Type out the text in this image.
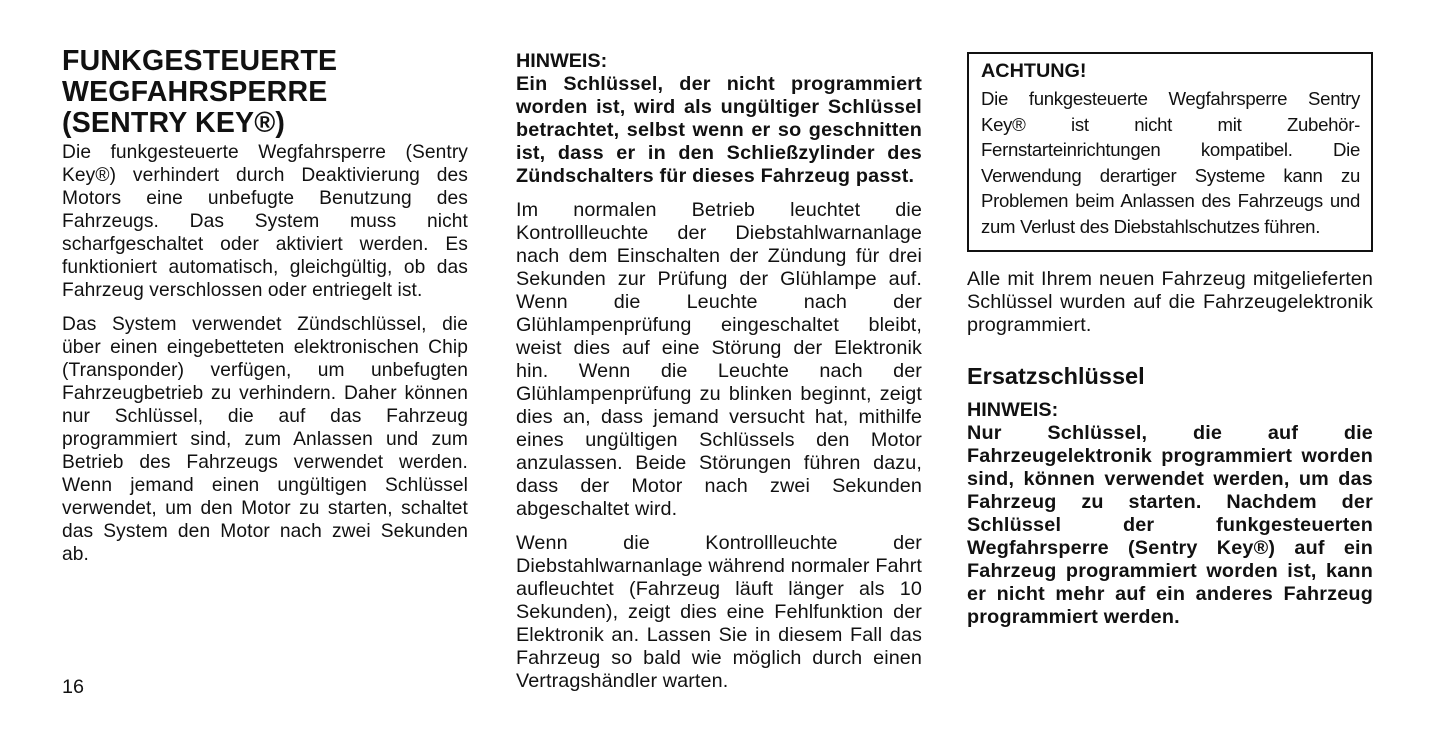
FUNKGESTEUERTE
WEGFAHRSPERRE
(SENTRY KEY®)

Die funkgesteuerte Wegfahrsperre (Sentry Key®) verhindert durch Deaktivierung des Motors eine unbefugte Benutzung des Fahrzeugs. Das System muss nicht scharfgeschaltet oder aktiviert werden. Es funktioniert automatisch, gleichgültig, ob das Fahrzeug verschlossen oder entriegelt ist.

Das System verwendet Zündschlüssel, die über einen eingebetteten elektronischen Chip (Transponder) verfügen, um unbefugten Fahrzeugbetrieb zu verhindern. Daher können nur Schlüssel, die auf das Fahrzeug programmiert sind, zum Anlassen und zum Betrieb des Fahrzeugs verwendet werden. Wenn jemand einen ungültigen Schlüssel verwendet, um den Motor zu starten, schaltet das System den Motor nach zwei Sekunden ab.

HINWEIS:

Ein Schlüssel, der nicht programmiert worden ist, wird als ungültiger Schlüssel betrachtet, selbst wenn er so geschnitten ist, dass er in den Schließzylinder des Zündschalters für dieses Fahrzeug passt.

Im normalen Betrieb leuchtet die Kontrollleuchte der Diebstahlwarnanlage nach dem Einschalten der Zündung für drei Sekunden zur Prüfung der Glühlampe auf. Wenn die Leuchte nach der Glühlampenprüfung eingeschaltet bleibt, weist dies auf eine Störung der Elektronik hin. Wenn die Leuchte nach der Glühlampenprüfung zu blinken beginnt, zeigt dies an, dass jemand versucht hat, mithilfe eines ungültigen Schlüssels den Motor anzulassen. Beide Störungen führen dazu, dass der Motor nach zwei Sekunden abgeschaltet wird.

Wenn die Kontrollleuchte der Diebstahlwarnanlage während normaler Fahrt aufleuchtet (Fahrzeug läuft länger als 10 Sekunden), zeigt dies eine Fehlfunktion der Elektronik an. Lassen Sie in diesem Fall das Fahrzeug so bald wie möglich durch einen Vertragshändler warten.

ACHTUNG!

Die funkgesteuerte Wegfahrsperre Sentry Key® ist nicht mit Zubehör-Fernstarteinrichtungen kompatibel. Die Verwendung derartiger Systeme kann zu Problemen beim Anlassen des Fahrzeugs und zum Verlust des Diebstahlschutzes führen.

Alle mit Ihrem neuen Fahrzeug mitgelieferten Schlüssel wurden auf die Fahrzeugelektronik programmiert.

Ersatzschlüssel

HINWEIS:

Nur Schlüssel, die auf die Fahrzeugelektronik programmiert worden sind, können verwendet werden, um das Fahrzeug zu starten. Nachdem der Schlüssel der funkgesteuerten Wegfahrsperre (Sentry Key®) auf ein Fahrzeug programmiert worden ist, kann er nicht mehr auf ein anderes Fahrzeug programmiert werden.

16
